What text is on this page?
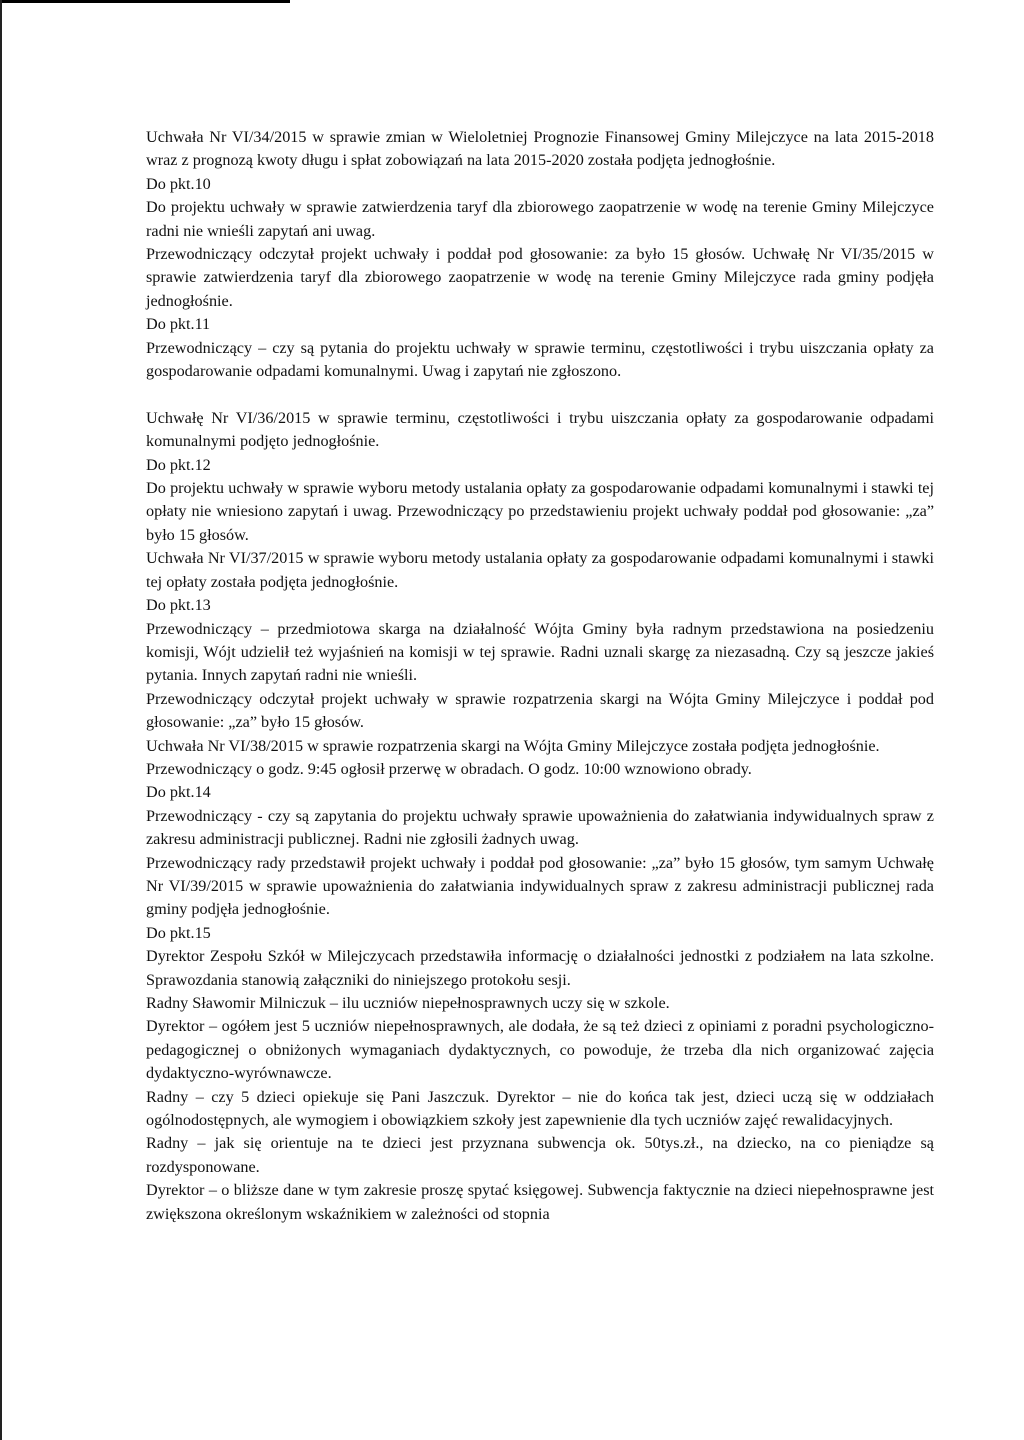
Uchwała Nr VI/34/2015 w sprawie zmian w Wieloletniej Prognozie Finansowej Gminy Milejczyce na lata 2015-2018 wraz z prognozą kwoty długu i spłat zobowiązań na lata 2015-2020 została podjęta jednogłośnie.

Do pkt.10

Do projektu uchwały w sprawie zatwierdzenia taryf dla zbiorowego zaopatrzenie w wodę na terenie Gminy Milejczyce radni nie wnieśli zapytań ani uwag.

Przewodniczący odczytał projekt uchwały i poddał pod głosowanie: za było 15 głosów. Uchwałę Nr VI/35/2015 w sprawie zatwierdzenia taryf dla zbiorowego zaopatrzenie w wodę na terenie Gminy Milejczyce rada gminy podjęła jednogłośnie.

Do pkt.11

Przewodniczący – czy są pytania do projektu uchwały w sprawie terminu, częstotliwości i trybu uiszczania opłaty za gospodarowanie odpadami komunalnymi. Uwag i zapytań nie zgłoszono.

Uchwałę Nr VI/36/2015 w sprawie terminu, częstotliwości i trybu uiszczania opłaty za gospodarowanie odpadami komunalnymi podjęto jednogłośnie.

Do pkt.12

Do projektu uchwały w sprawie wyboru metody ustalania opłaty za gospodarowanie odpadami komunalnymi i stawki tej opłaty nie wniesiono zapytań i uwag. Przewodniczący po przedstawieniu projekt uchwały poddał pod głosowanie: „za” było 15 głosów.

Uchwała Nr VI/37/2015 w sprawie wyboru metody ustalania opłaty za gospodarowanie odpadami komunalnymi i stawki tej opłaty została podjęta jednogłośnie.

Do pkt.13

Przewodniczący – przedmiotowa skarga na działalność Wójta Gminy była radnym przedstawiona na posiedzeniu komisji, Wójt udzielił też wyjaśnień na komisji w tej sprawie. Radni uznali skargę za niezasadną. Czy są jeszcze jakieś pytania. Innych zapytań radni nie wnieśli.

Przewodniczący odczytał projekt uchwały w sprawie rozpatrzenia skargi na Wójta Gminy Milejczyce i poddał pod głosowanie: „za” było 15 głosów.

Uchwała Nr VI/38/2015 w sprawie rozpatrzenia skargi na Wójta Gminy Milejczyce została podjęta jednogłośnie.

Przewodniczący o godz. 9:45 ogłosił przerwę w obradach. O godz. 10:00 wznowiono obrady.

Do pkt.14

Przewodniczący - czy są zapytania do projektu uchwały sprawie upoważnienia do załatwiania indywidualnych spraw z zakresu administracji publicznej. Radni nie zgłosili żadnych uwag.

Przewodniczący rady przedstawił projekt uchwały i poddał pod głosowanie: „za” było 15 głosów, tym samym Uchwałę Nr VI/39/2015 w sprawie upoważnienia do załatwiania indywidualnych spraw z zakresu administracji publicznej rada gminy podjęła jednogłośnie.

Do pkt.15

Dyrektor Zespołu Szkół w Milejczycach przedstawiła informację o działalności jednostki z podziałem na lata szkolne. Sprawozdania stanowią załączniki do niniejszego protokołu sesji.

Radny Sławomir Milniczuk – ilu uczniów niepełnosprawnych uczy się w szkole.

Dyrektor – ogółem jest 5 uczniów niepełnosprawnych, ale dodała, że są też dzieci z opiniami z poradni psychologiczno-pedagogicznej o obniżonych wymaganiach dydaktycznych, co powoduje, że trzeba dla nich organizować zajęcia dydaktyczno-wyrównawcze.

Radny – czy 5 dzieci opiekuje się Pani Jaszczuk. Dyrektor – nie do końca tak jest, dzieci uczą się w oddziałach ogólnodostępnych, ale wymogiem i obowiązkiem szkoły jest zapewnienie dla tych uczniów zajęć rewalidacyjnych.

Radny – jak się orientuje na te dzieci jest przyznana subwencja ok. 50tys.zł., na dziecko, na co pieniądze są rozdysponowane.

Dyrektor – o bliższe dane w tym zakresie proszę spytać księgowej. Subwencja faktycznie na dzieci niepełnosprawne jest zwiększona określonym wskaźnikiem w zależności od stopnia
